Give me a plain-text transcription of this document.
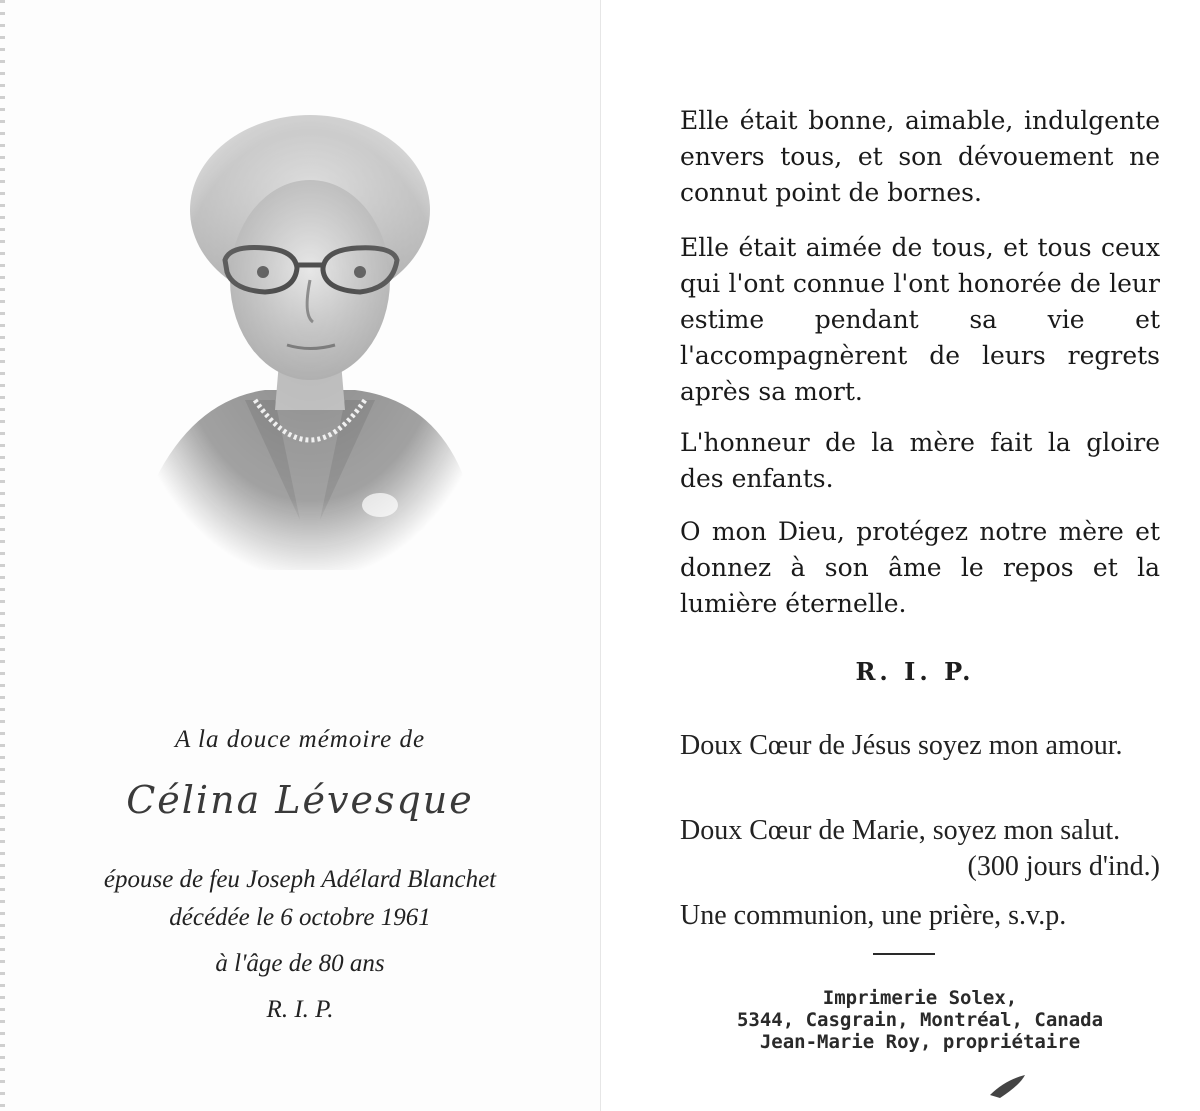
A la douce mémoire de

Célina Lévesque

épouse de feu Joseph Adélard Blanchet

décédée le 6 octobre 1961

à l'âge de 80 ans

R. I. P.

Elle était bonne, aimable, indulgente envers tous, et son dévouement ne connut point de bornes.

Elle était aimée de tous, et tous ceux qui l'ont connue l'ont honorée de leur estime pendant sa vie et l'accompagnèrent de leurs regrets après sa mort.

L'honneur de la mère fait la gloire des enfants.

O mon Dieu, protégez notre mère et donnez à son âme le repos et la lumière éternelle.

R. I. P.

Doux Cœur de Jésus soyez mon amour.

Doux Cœur de Marie, soyez mon salut.
(300 jours d'ind.)

Une communion, une prière, s.v.p.

Imprimerie Solex,

5344, Casgrain, Montréal, Canada

Jean-Marie Roy, propriétaire
